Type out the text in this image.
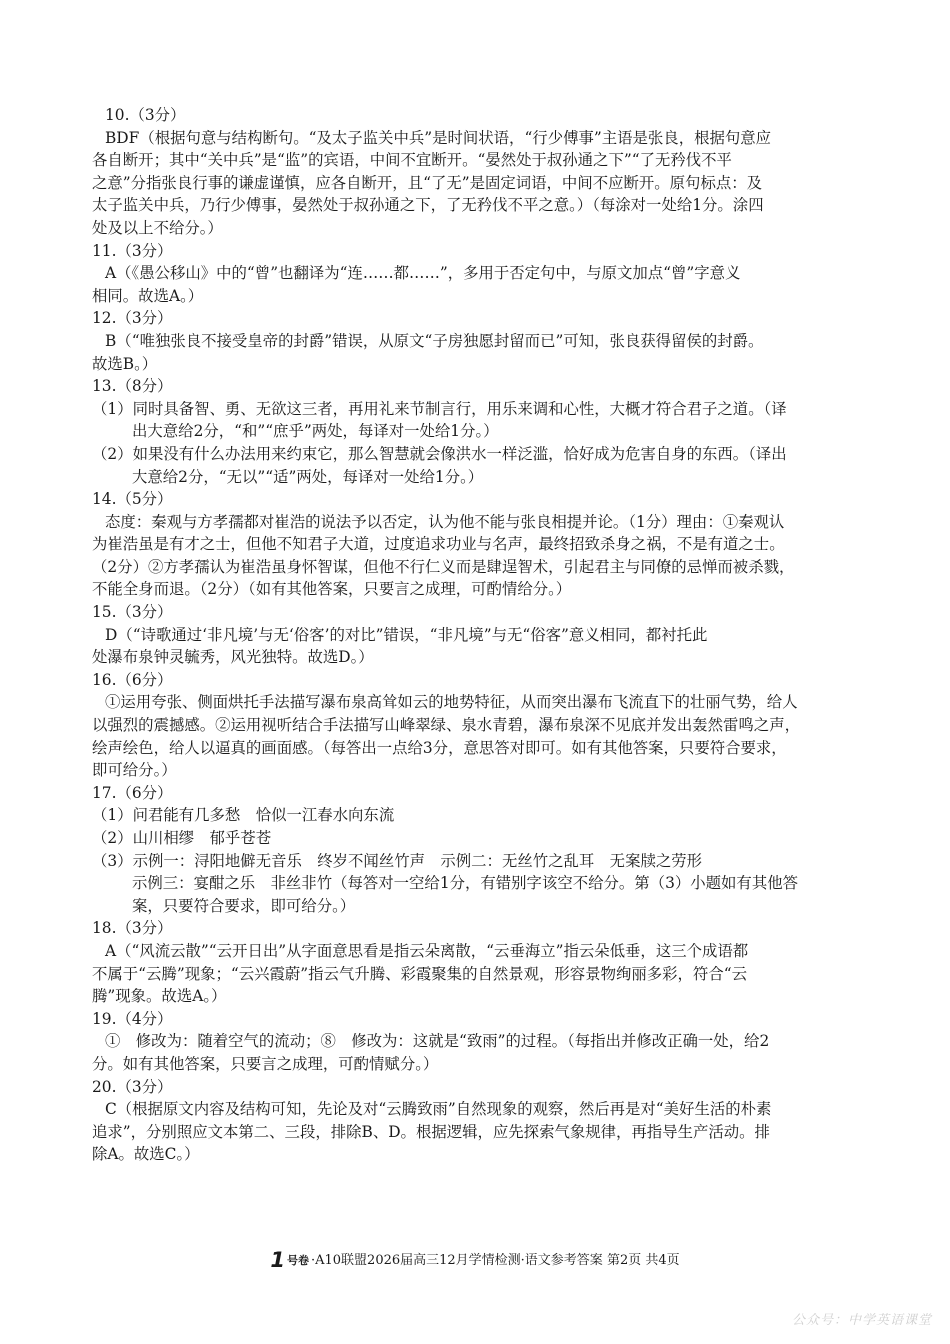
10.（3分）
BDF（根据句意与结构断句。“及太子监关中兵”是时间状语，“行少傅事”主语是张良，根据句意应
各自断开；其中“关中兵”是“监”的宾语，中间不宜断开。“晏然处于叔孙通之下”“了无矜伐不平
之意”分指张良行事的谦虚谨慎，应各自断开，且“了无”是固定词语，中间不应断开。原句标点：及
太子监关中兵，乃行少傅事，晏然处于叔孙通之下，了无矜伐不平之意。）（每涂对一处给1分。涂四
处及以上不给分。）
11.（3分）
A（《愚公移山》中的“曾”也翻译为“连……都……”，多用于否定句中，与原文加点“曾”字意义
相同。故选A。）
12.（3分）
B（“唯独张良不接受皇帝的封爵”错误，从原文“子房独愿封留而已”可知，张良获得留侯的封爵。
故选B。）
13.（8分）
（1）同时具备智、勇、无欲这三者，再用礼来节制言行，用乐来调和心性，大概才符合君子之道。（译
出大意给2分，“和”“庶乎”两处，每译对一处给1分。）
（2）如果没有什么办法用来约束它，那么智慧就会像洪水一样泛滥，恰好成为危害自身的东西。（译出
大意给2分，“无以”“适”两处，每译对一处给1分。）
14.（5分）
态度：秦观与方孝孺都对崔浩的说法予以否定，认为他不能与张良相提并论。（1分）理由：①秦观认
为崔浩虽是有才之士，但他不知君子大道，过度追求功业与名声，最终招致杀身之祸，不是有道之士。
（2分）②方孝孺认为崔浩虽身怀智谋，但他不行仁义而是肆逞智术，引起君主与同僚的忌惮而被杀戮，
不能全身而退。（2分）（如有其他答案，只要言之成理，可酌情给分。）
15.（3分）
D（“诗歌通过‘非凡境’与无‘俗客’的对比”错误，“非凡境”与无“俗客”意义相同，都衬托此
处瀑布泉钟灵毓秀，风光独特。故选D。）
16.（6分）
①运用夸张、侧面烘托手法描写瀑布泉高耸如云的地势特征，从而突出瀑布飞流直下的壮丽气势，给人
以强烈的震撼感。②运用视听结合手法描写山峰翠绿、泉水青碧，瀑布泉深不见底并发出轰然雷鸣之声，
绘声绘色，给人以逼真的画面感。（每答出一点给3分，意思答对即可。如有其他答案，只要符合要求，
即可给分。）
17.（6分）
（1）问君能有几多愁　恰似一江春水向东流
（2）山川相缪　郁乎苍苍
（3）示例一：浔阳地僻无音乐　终岁不闻丝竹声　示例二：无丝竹之乱耳　无案牍之劳形
示例三：宴酣之乐　非丝非竹（每答对一空给1分，有错别字该空不给分。第（3）小题如有其他答
案，只要符合要求，即可给分。）
18.（3分）
A（“风流云散”“云开日出”从字面意思看是指云朵离散，“云垂海立”指云朵低垂，这三个成语都
不属于“云腾”现象；“云兴霞蔚”指云气升腾、彩霞聚集的自然景观，形容景物绚丽多彩，符合“云
腾”现象。故选A。）
19.（4分）
①　修改为：随着空气的流动；⑧　修改为：这就是“致雨”的过程。（每指出并修改正确一处，给2
分。如有其他答案，只要言之成理，可酌情赋分。）
20.（3分）
C（根据原文内容及结构可知，先论及对“云腾致雨”自然现象的观察，然后再是对“美好生活的朴素
追求”，分别照应文本第二、三段，排除B、D。根据逻辑，应先探索气象规律，再指导生产活动。排
除A。故选C。）
1 号卷 ·A10联盟2026届高三12月学情检测·语文参考答案 第2页 共4页
公众号：中学英语课堂
